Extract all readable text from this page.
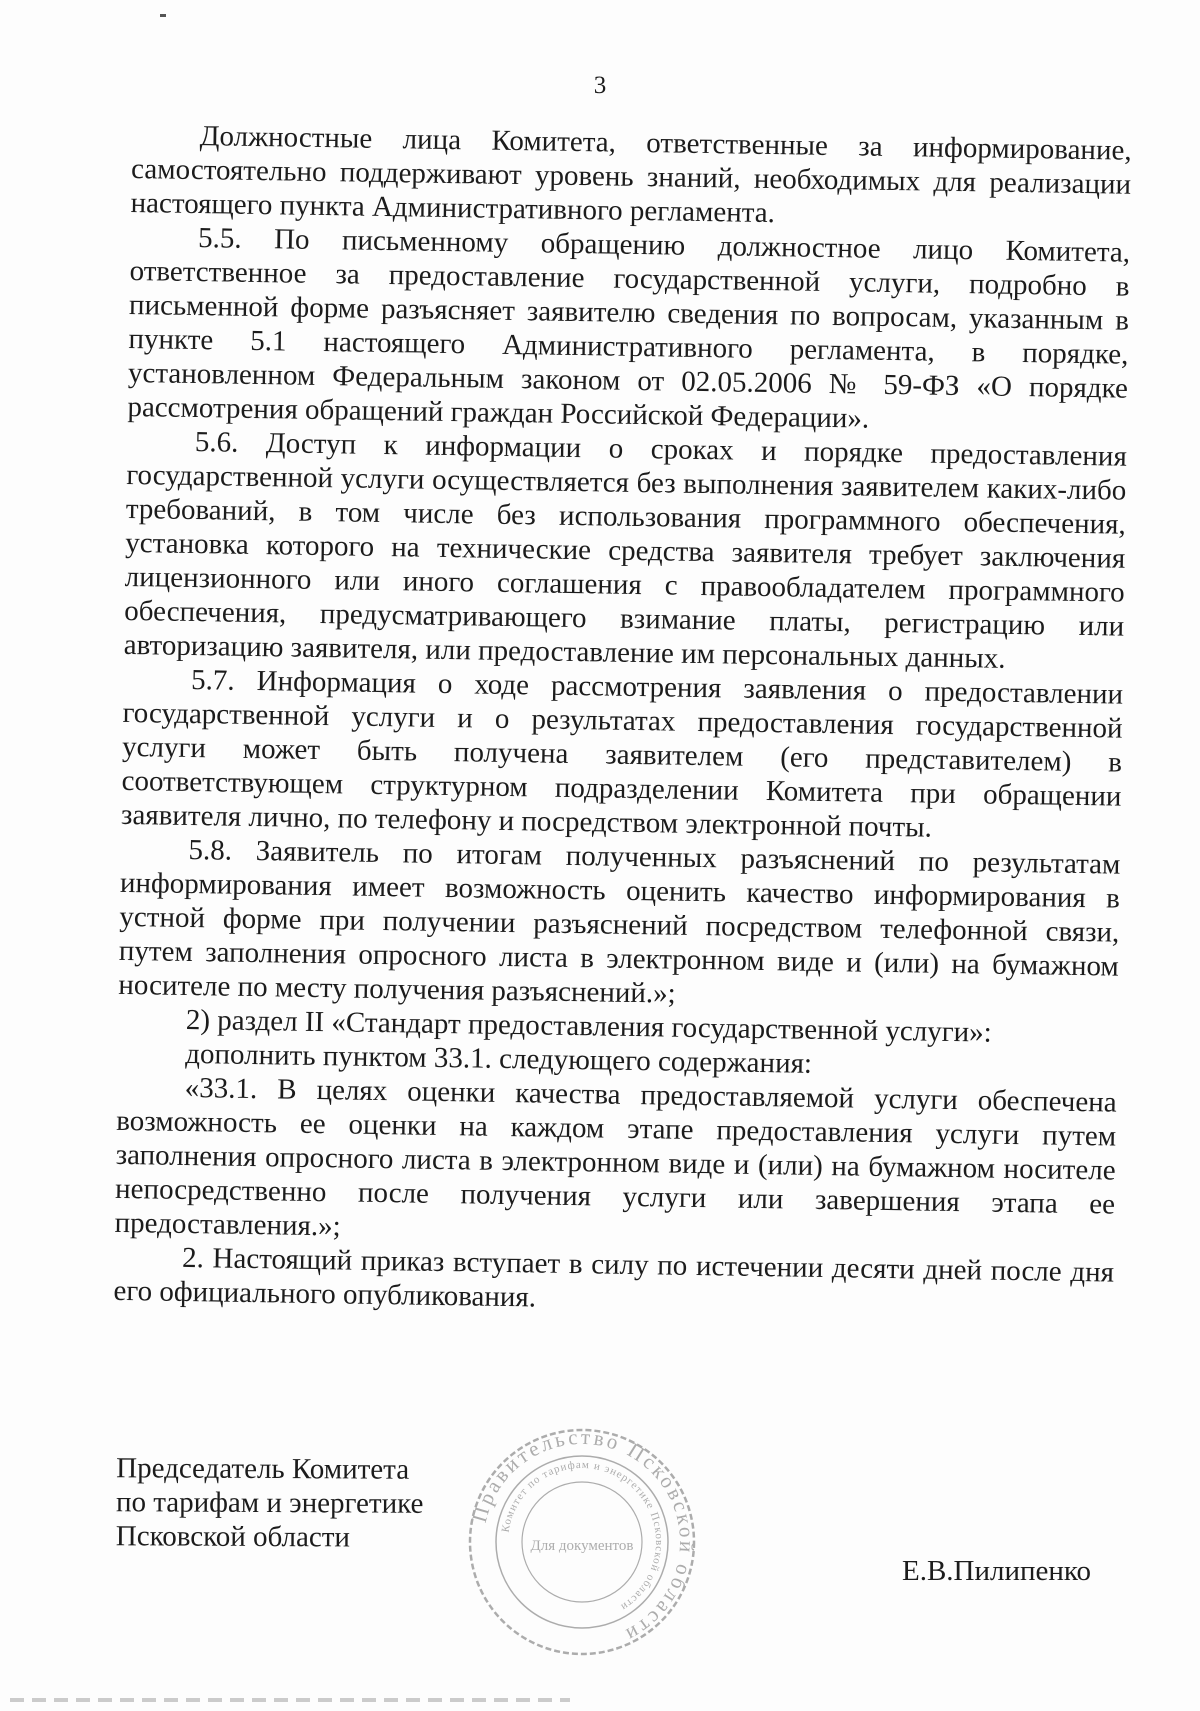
3

Должностные лица Комитета, ответственные за информирование, самостоятельно поддерживают уровень знаний, необходимых для реализации настоящего пункта Административного регламента.

5.5. По письменному обращению должностное лицо Комитета, ответственное за предоставление государственной услуги, подробно в письменной форме разъясняет заявителю сведения по вопросам, указанным в пункте 5.1 настоящего Административного регламента, в порядке, установленном Федеральным законом от 02.05.2006 № 59-ФЗ «О порядке рассмотрения обращений граждан Российской Федерации».

5.6. Доступ к информации о сроках и порядке предоставления государственной услуги осуществляется без выполнения заявителем каких-либо требований, в том числе без использования программного обеспечения, установка которого на технические средства заявителя требует заключения лицензионного или иного соглашения с правообладателем программного обеспечения, предусматривающего взимание платы, регистрацию или авторизацию заявителя, или предоставление им персональных данных.

5.7. Информация о ходе рассмотрения заявления о предоставлении государственной услуги и о результатах предоставления государственной услуги может быть получена заявителем (его представителем) в соответствующем структурном подразделении Комитета при обращении заявителя лично, по телефону и посредством электронной почты.

5.8. Заявитель по итогам полученных разъяснений по результатам информирования имеет возможность оценить качество информирования в устной форме при получении разъяснений посредством телефонной связи, путем заполнения опросного листа в электронном виде и (или) на бумажном носителе по месту получения разъяснений.»;

2) раздел II «Стандарт предоставления государственной услуги»:

дополнить пунктом 33.1. следующего содержания:

«33.1. В целях оценки качества предоставляемой услуги обеспечена возможность ее оценки на каждом этапе предоставления услуги путем заполнения опросного листа в электронном виде и (или) на бумажном носителе непосредственно после получения услуги или завершения этапа ее предоставления.»;

2. Настоящий приказ вступает в силу по истечении десяти дней после дня его официального опубликования.

Председатель Комитета
по тарифам и энергетике
Псковской области
Правительство Псковской области
Комитет по тарифам и энергетике Псковской области
Для документов
Е.В.Пилипенко
